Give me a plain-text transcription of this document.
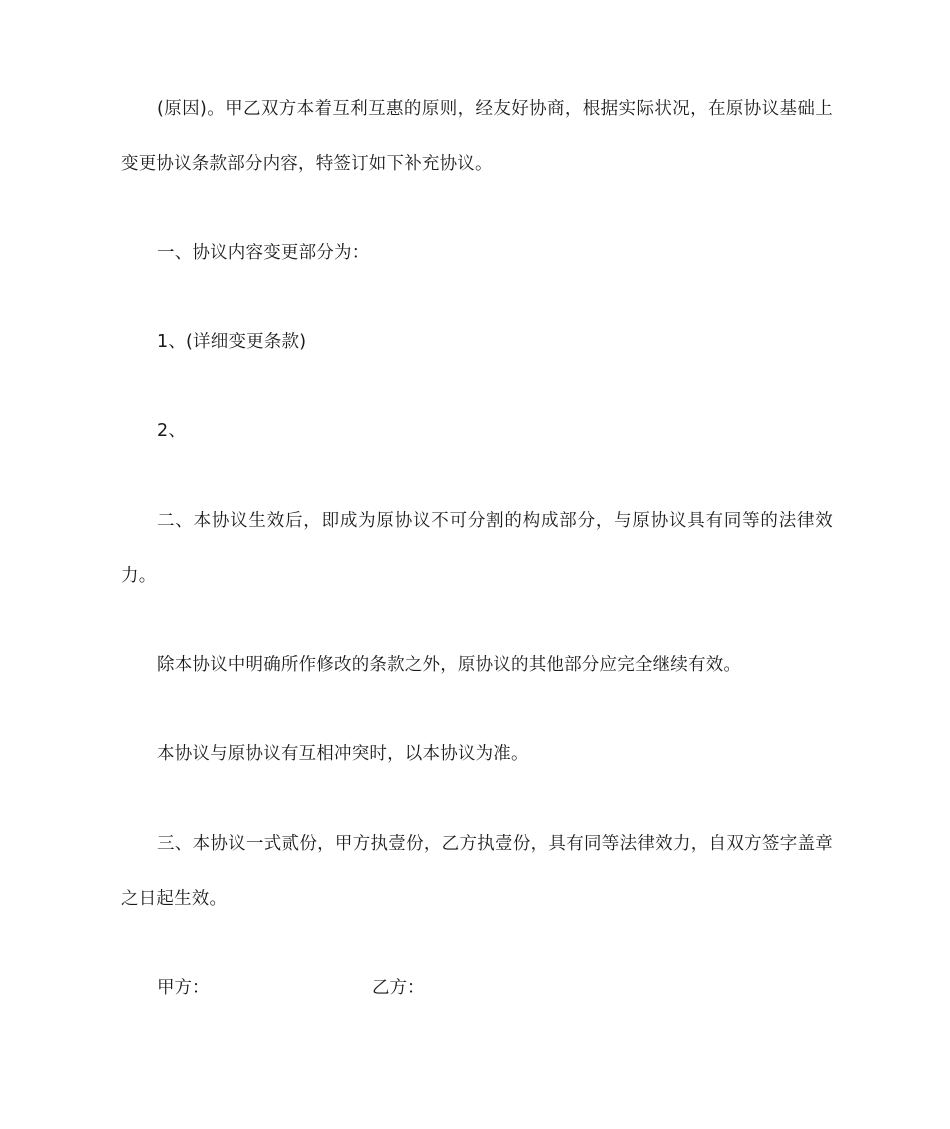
(原因)。甲乙双方本着互利互惠的原则，经友好协商，根据实际状况，在原协议基础上变更协议条款部分内容，特签订如下补充协议。

一、协议内容变更部分为：

1、(详细变更条款)

2、

二、本协议生效后，即成为原协议不可分割的构成部分，与原协议具有同等的法律效力。

除本协议中明确所作修改的条款之外，原协议的其他部分应完全继续有效。

本协议与原协议有互相冲突时，以本协议为准。

三、本协议一式贰份，甲方执壹份，乙方执壹份，具有同等法律效力，自双方签字盖章之日起生效。

甲方：	乙方：
